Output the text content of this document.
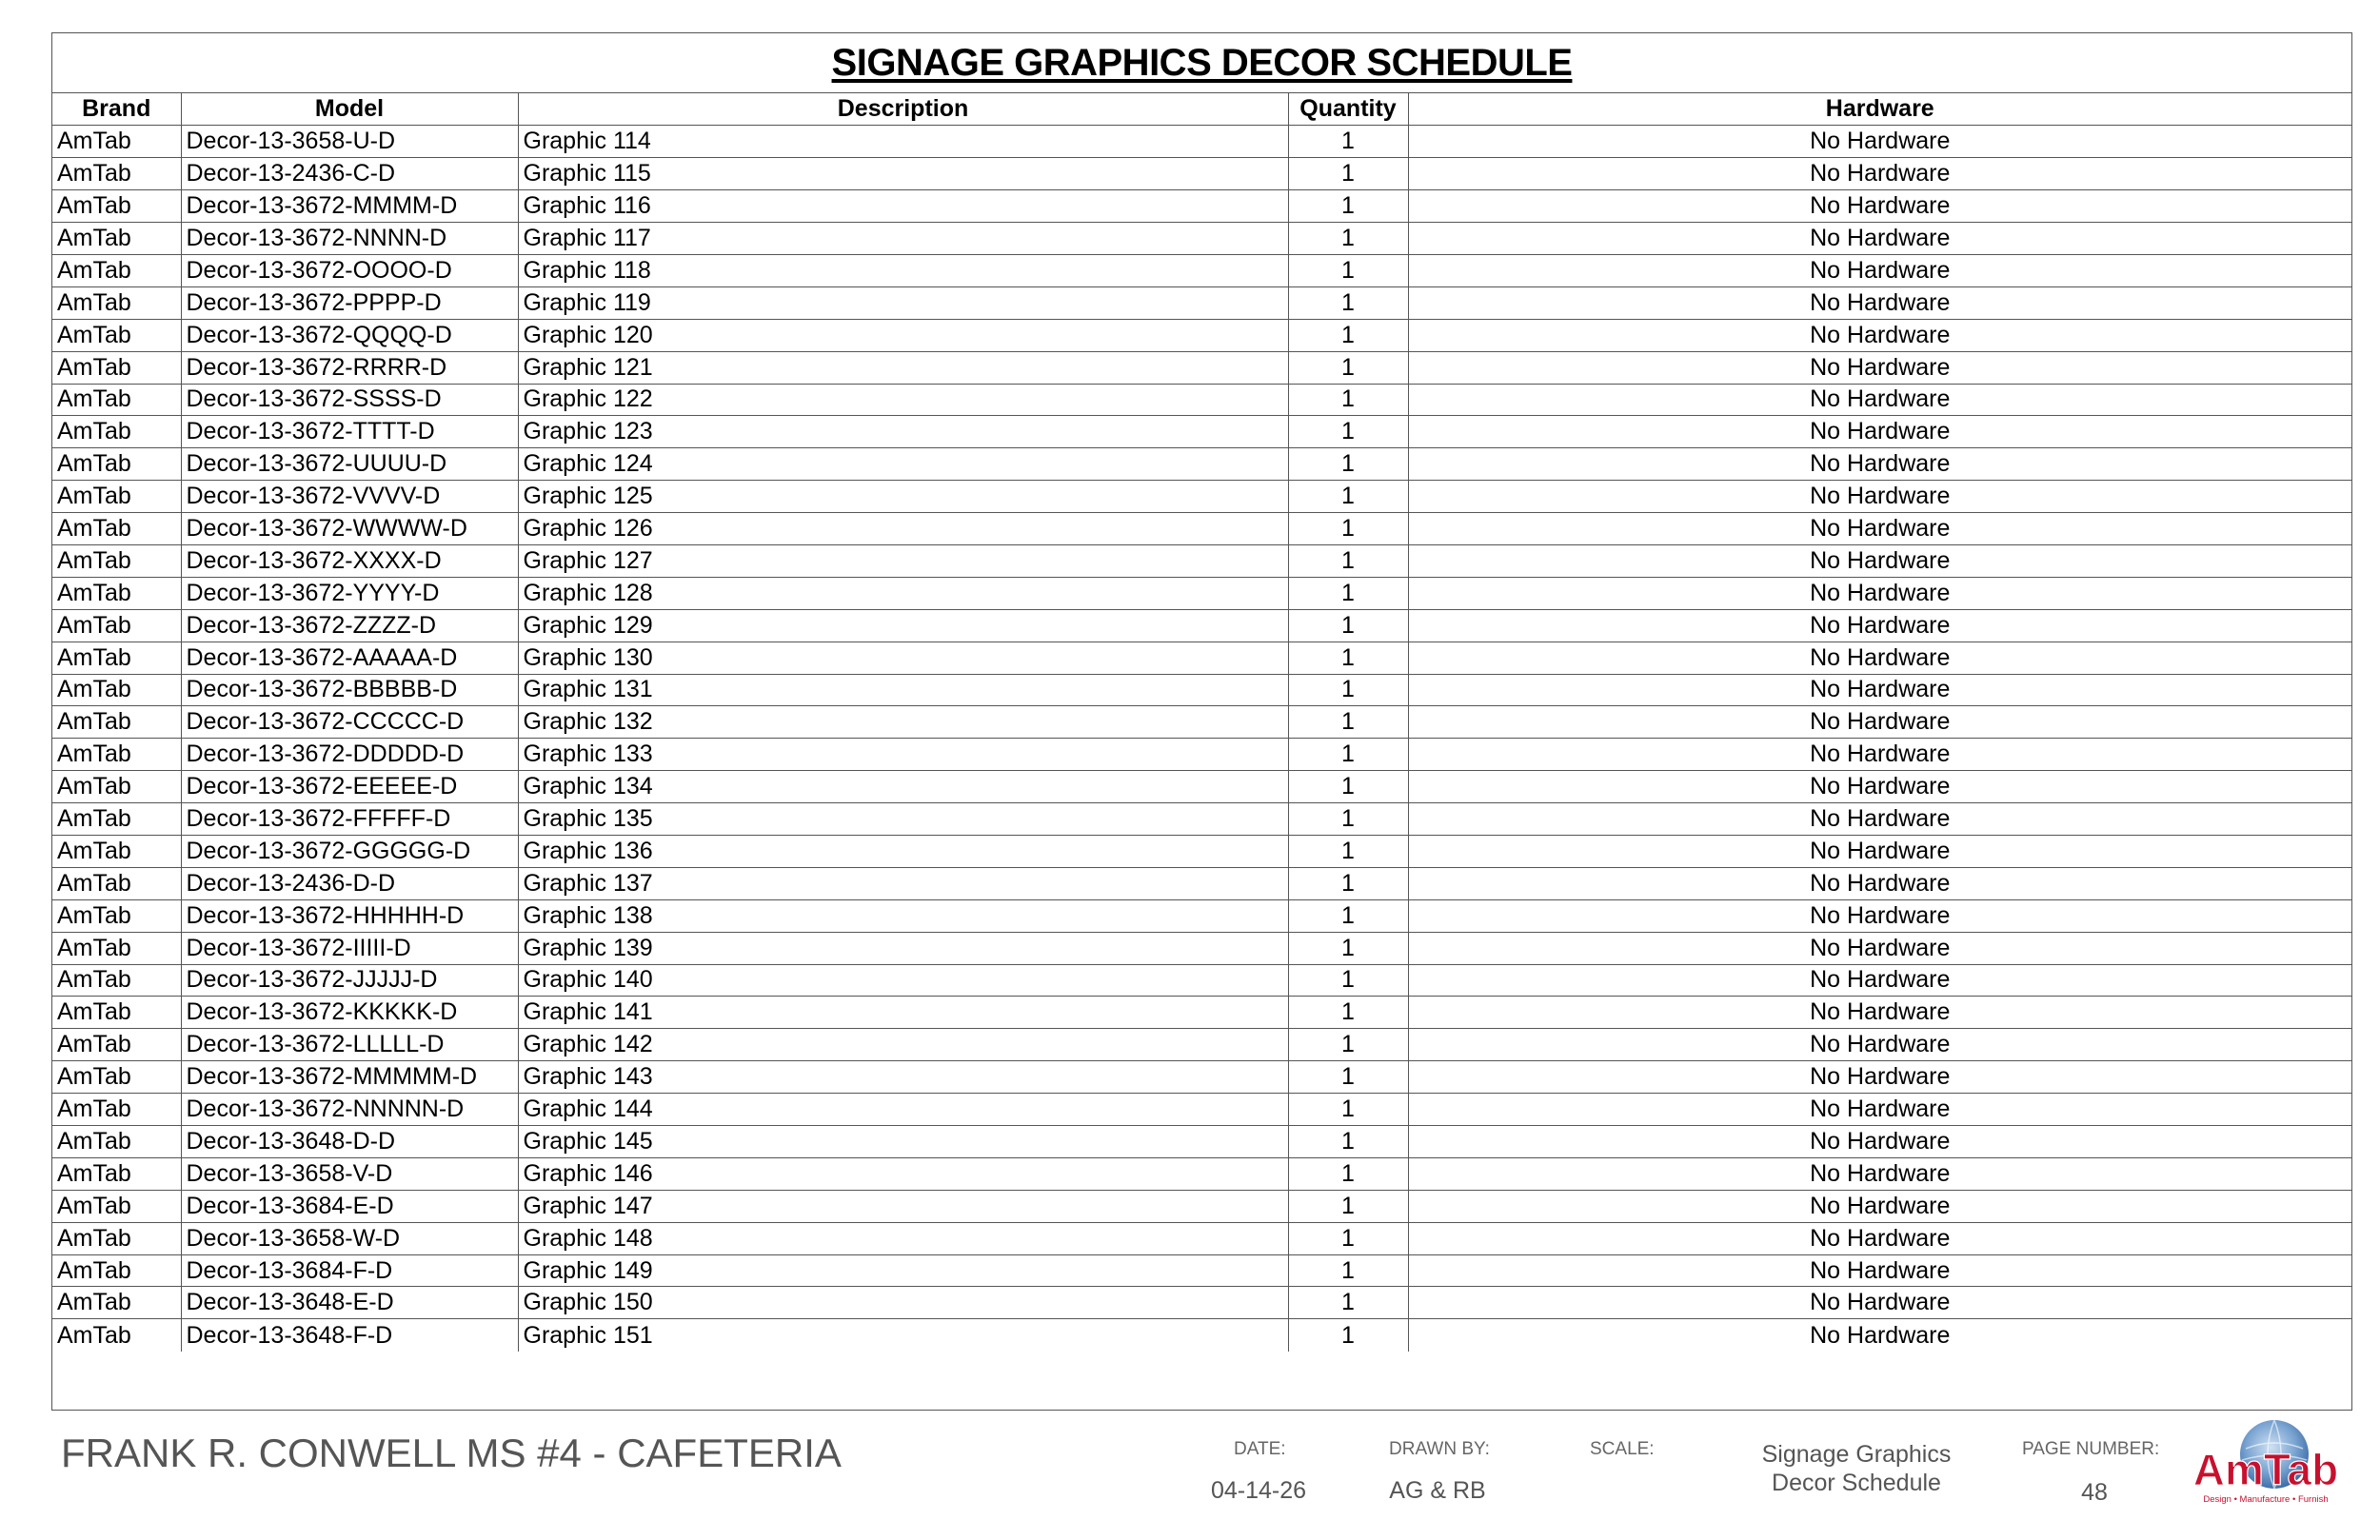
SIGNAGE GRAPHICS DECOR SCHEDULE
Brand	Model	Description	Quantity	Hardware
AmTab	Decor-13-3658-U-D	Graphic 114	1	No Hardware
AmTab	Decor-13-2436-C-D	Graphic 115	1	No Hardware
AmTab	Decor-13-3672-MMMM-D	Graphic 116	1	No Hardware
AmTab	Decor-13-3672-NNNN-D	Graphic 117	1	No Hardware
AmTab	Decor-13-3672-OOOO-D	Graphic 118	1	No Hardware
AmTab	Decor-13-3672-PPPP-D	Graphic 119	1	No Hardware
AmTab	Decor-13-3672-QQQQ-D	Graphic 120	1	No Hardware
AmTab	Decor-13-3672-RRRR-D	Graphic 121	1	No Hardware
AmTab	Decor-13-3672-SSSS-D	Graphic 122	1	No Hardware
AmTab	Decor-13-3672-TTTT-D	Graphic 123	1	No Hardware
AmTab	Decor-13-3672-UUUU-D	Graphic 124	1	No Hardware
AmTab	Decor-13-3672-VVVV-D	Graphic 125	1	No Hardware
AmTab	Decor-13-3672-WWWW-D	Graphic 126	1	No Hardware
AmTab	Decor-13-3672-XXXX-D	Graphic 127	1	No Hardware
AmTab	Decor-13-3672-YYYY-D	Graphic 128	1	No Hardware
AmTab	Decor-13-3672-ZZZZ-D	Graphic 129	1	No Hardware
AmTab	Decor-13-3672-AAAAA-D	Graphic 130	1	No Hardware
AmTab	Decor-13-3672-BBBBB-D	Graphic 131	1	No Hardware
AmTab	Decor-13-3672-CCCCC-D	Graphic 132	1	No Hardware
AmTab	Decor-13-3672-DDDDD-D	Graphic 133	1	No Hardware
AmTab	Decor-13-3672-EEEEE-D	Graphic 134	1	No Hardware
AmTab	Decor-13-3672-FFFFF-D	Graphic 135	1	No Hardware
AmTab	Decor-13-3672-GGGGG-D	Graphic 136	1	No Hardware
AmTab	Decor-13-2436-D-D	Graphic 137	1	No Hardware
AmTab	Decor-13-3672-HHHHH-D	Graphic 138	1	No Hardware
AmTab	Decor-13-3672-IIIII-D	Graphic 139	1	No Hardware
AmTab	Decor-13-3672-JJJJJ-D	Graphic 140	1	No Hardware
AmTab	Decor-13-3672-KKKKK-D	Graphic 141	1	No Hardware
AmTab	Decor-13-3672-LLLLL-D	Graphic 142	1	No Hardware
AmTab	Decor-13-3672-MMMMM-D	Graphic 143	1	No Hardware
AmTab	Decor-13-3672-NNNNN-D	Graphic 144	1	No Hardware
AmTab	Decor-13-3648-D-D	Graphic 145	1	No Hardware
AmTab	Decor-13-3658-V-D	Graphic 146	1	No Hardware
AmTab	Decor-13-3684-E-D	Graphic 147	1	No Hardware
AmTab	Decor-13-3658-W-D	Graphic 148	1	No Hardware
AmTab	Decor-13-3684-F-D	Graphic 149	1	No Hardware
AmTab	Decor-13-3648-E-D	Graphic 150	1	No Hardware
AmTab	Decor-13-3648-F-D	Graphic 151	1	No Hardware
FRANK R. CONWELL MS #4 - CAFETERIA	DATE:
04-14-26
DRAWN BY:
AG & RB
SCALE:	Signage Graphics
Decor Schedule
PAGE NUMBER:
48	AmTab
Design • Manufacture • Furnish
